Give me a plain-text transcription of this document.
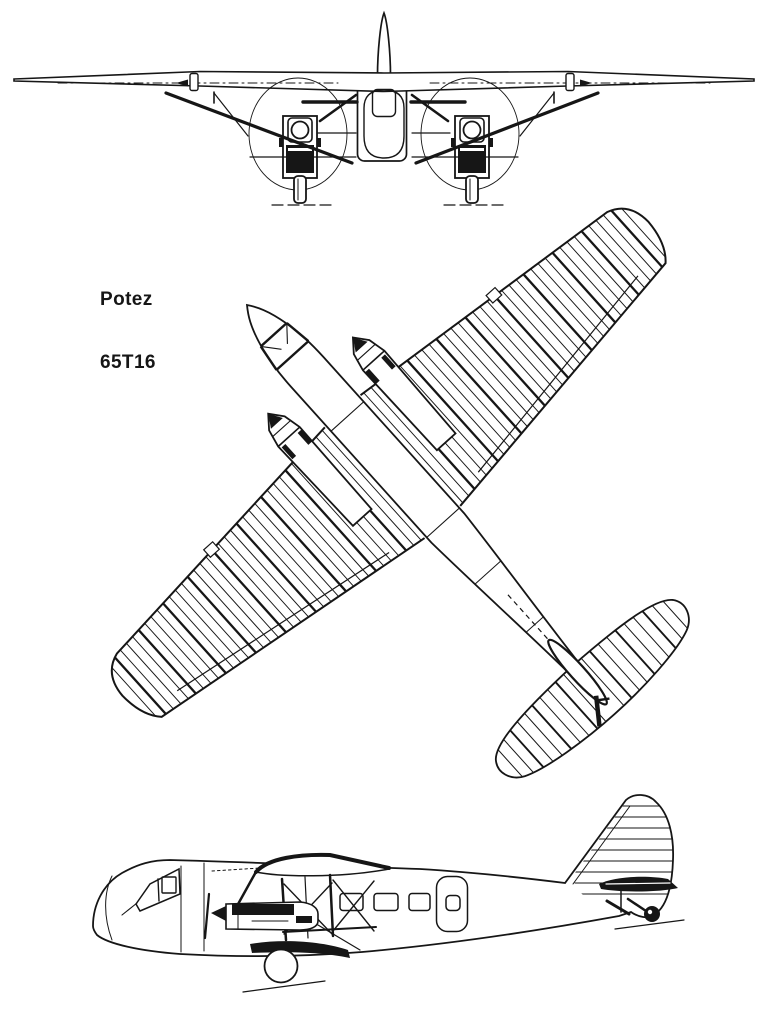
Potez

65T16
